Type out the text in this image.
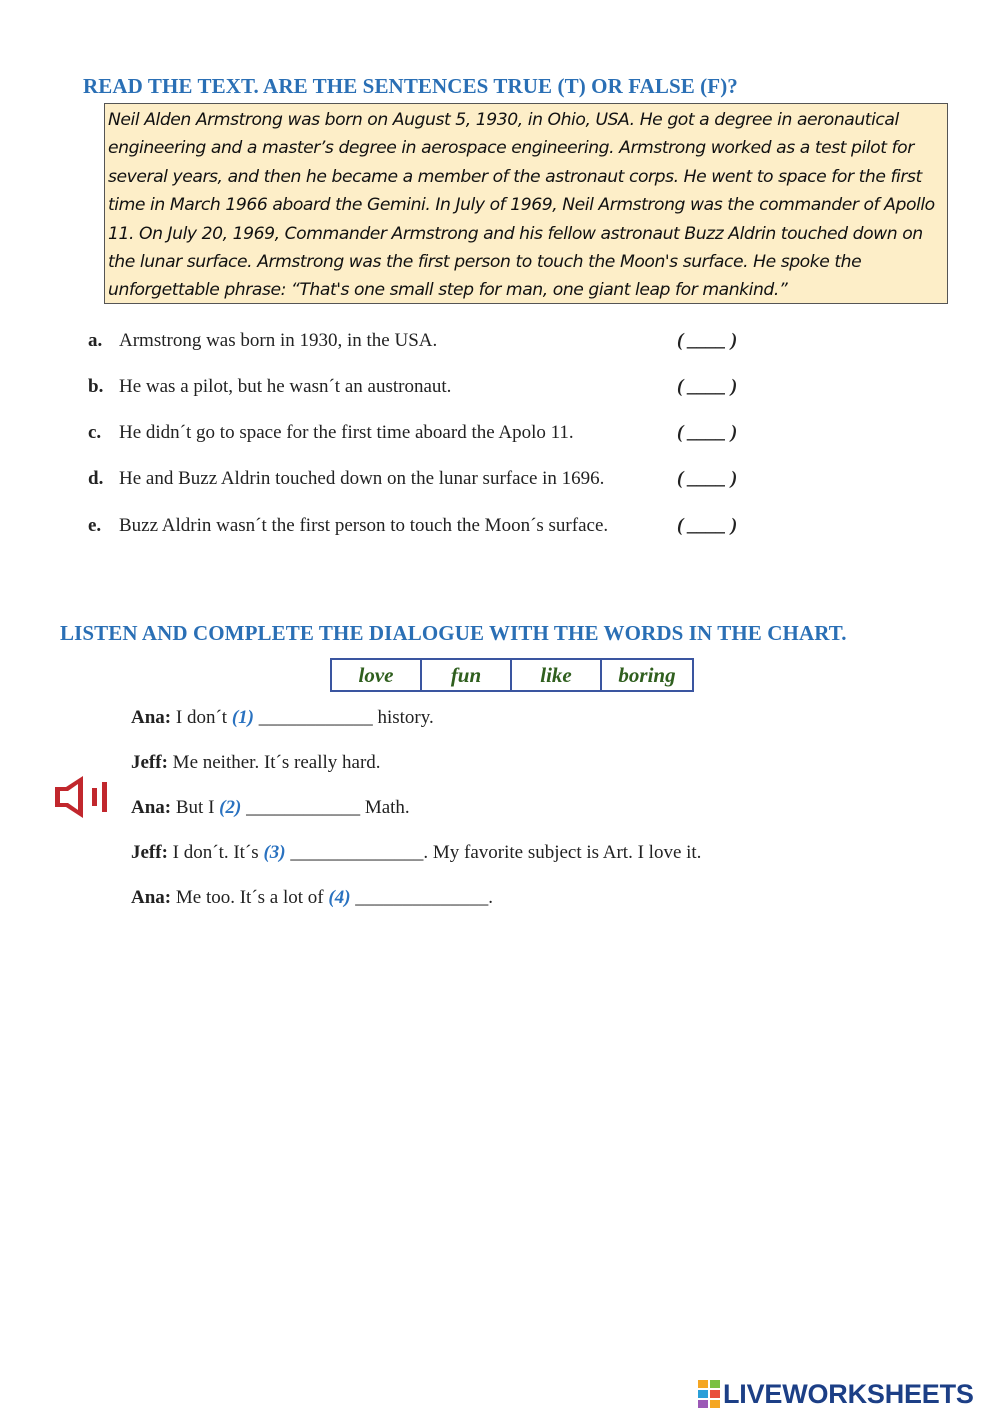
READ THE TEXT. ARE THE SENTENCES TRUE (T) OR FALSE (F)?
Neil Alden Armstrong was born on August 5, 1930, in Ohio, USA. He got a degree in aeronautical
engineering and a master’s degree in aerospace engineering. Armstrong worked as a test pilot for
several years, and then he became a member of the astronaut corps. He went to space for the first
time in March 1966 aboard the Gemini. In July of 1969, Neil Armstrong was the commander of Apollo
11. On July 20, 1969, Commander Armstrong and his fellow astronaut Buzz Aldrin touched down on
the lunar surface. Armstrong was the first person to touch the Moon's surface. He spoke the
unforgettable phrase: “That's one small step for man, one giant leap for mankind.”
a. Armstrong was born in 1930, in the USA.	( ____ )
b. He was a pilot, but he wasn´t an austronaut.	( ____ )
c. He didn´t go to space for the first time aboard the Apolo 11.	( ____ )
d. He and Buzz Aldrin touched down on the lunar surface in 1696.	( ____ )
e. Buzz Aldrin wasn´t the first person to touch the Moon´s surface.	( ____ )
LISTEN AND COMPLETE THE DIALOGUE WITH THE WORDS IN THE CHART.
love	fun	like	boring
Ana: I don´t (1) ____________ history.
Jeff: Me neither. It´s really hard.
Ana: But I (2) ____________ Math.
Jeff: I don´t. It´s (3) ______________. My favorite subject is Art. I love it.
Ana: Me too. It´s a lot of (4) ______________.
LIVEWORKSHEETS
